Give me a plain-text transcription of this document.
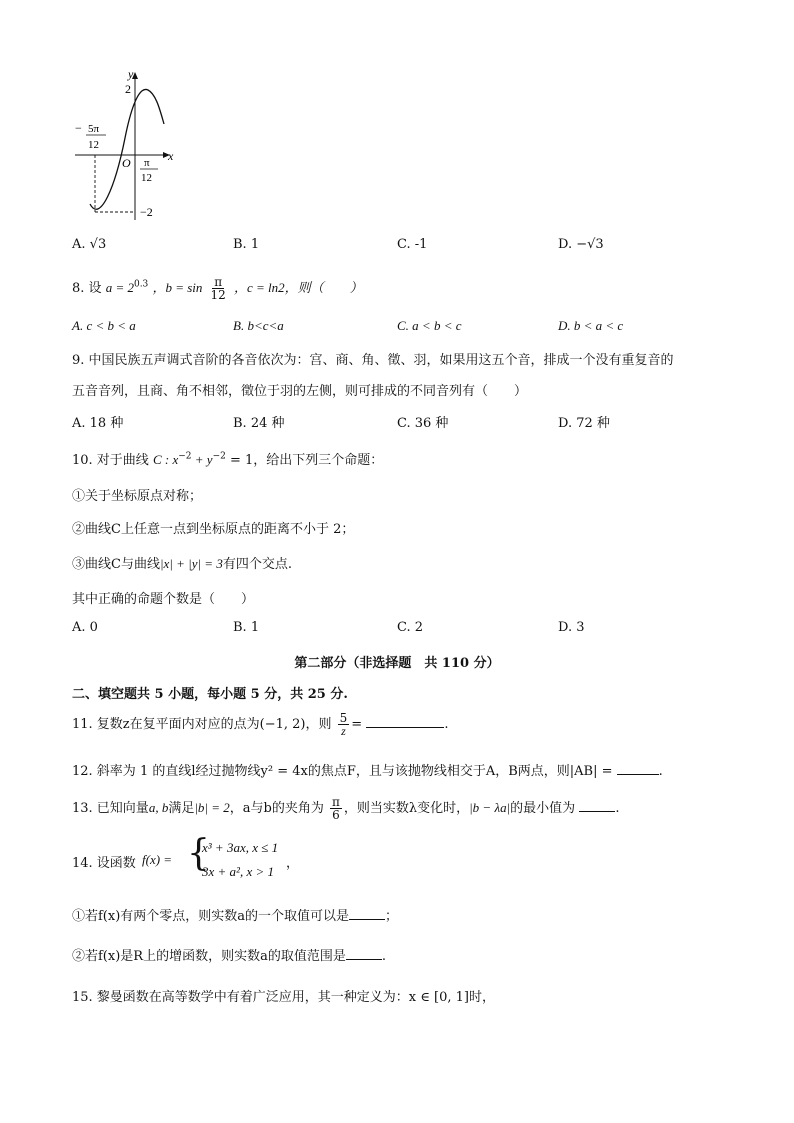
y
x
O
2
−2
− 5π
12
π
12
A. √3	B. 1	C. -1	D. −√3
8. 设 $a = 2^{0.3}$ ，$b = \sin \frac{\pi}{12}$ ，c = ln2，则（　　）
A. c < b < a	B. b<c<a	C. a < b < c	D. b < a < c
9. 中国民族五声调式音阶的各音依次为：宫、商、角、徵、羽，如果用这五个音，排成一个没有重复音的
五音音列，且商、角不相邻，徵位于羽的左侧，则可排成的不同音列有（　　）
A. 18 种	B. 24 种	C. 36 种	D. 72 种
10. 对于曲线 C : $x^{-2} + y^{-2} = 1$，给出下列三个命题：
①关于坐标原点对称；
②曲线C上任意一点到坐标原点的距离不小于 2；
③曲线C与曲线|x| + |y| = 3有四个交点.
其中正确的命题个数是（　　）
A. 0	B. 1	C. 2	D. 3
第二部分（非选择题　共 110 分）
二、填空题共 5 小题，每小题 5 分，共 25 分.
11. 复数z在复平面内对应的点为(−1, 2)，则 $\frac{5}{z}$ =	.
12. 斜率为 1 的直线l经过抛物线y² = 4x的焦点F，且与该抛物线相交于A，B两点，则|AB| =	.
13. 已知向量a, b满足|b| = 2，a与b的夹角为 $\frac{\pi}{6}$ ，则当实数λ变化时，|b − λa|的最小值为	.
14. 设函数 f(x) = {
x³ + 3ax, x ≤ 1
3x + a², x > 1
，
①若f(x)有两个零点，则实数a的一个取值可以是	；
②若f(x)是R上的增函数，则实数a的取值范围是	.
15. 黎曼函数在高等数学中有着广泛应用，其一种定义为：x ∈ [0, 1]时，
